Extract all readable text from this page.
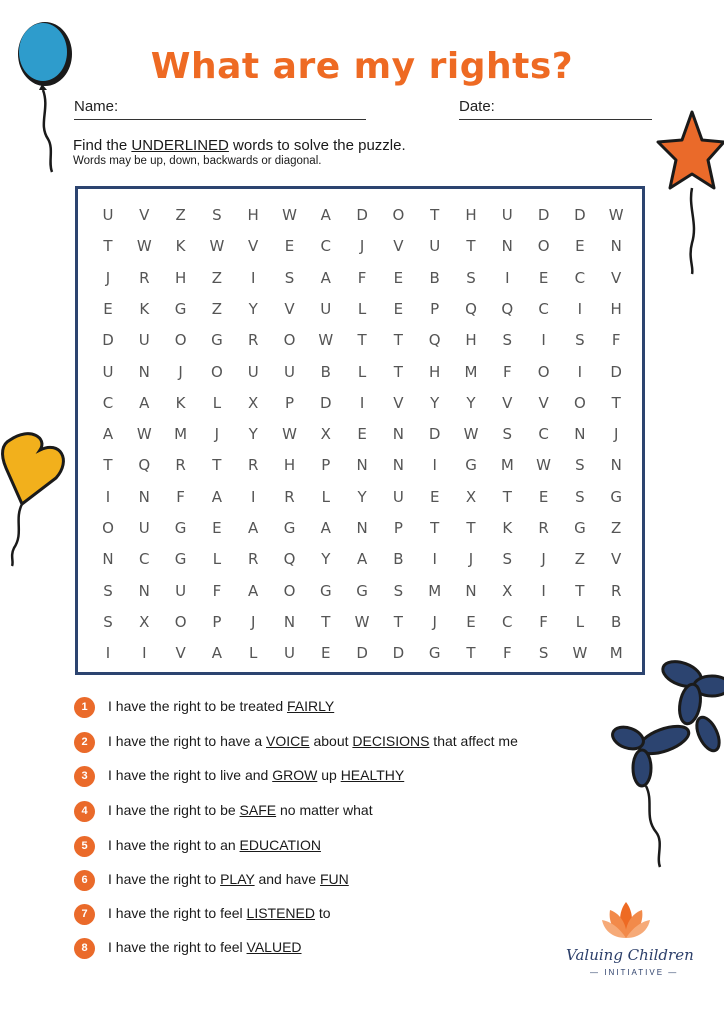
What are my rights?
Name:	Date:
Find the UNDERLINED words to solve the puzzle.
Words may be up, down, backwards or diagonal.
U	V	Z	S	H	W	A	D	O	T	H	U	D	D	W
T	W	K	W	V	E	C	J	V	U	T	N	O	E	N
J	R	H	Z	I	S	A	F	E	B	S	I	E	C	V
E	K	G	Z	Y	V	U	L	E	P	Q	Q	C	I	H
D	U	O	G	R	O	W	T	T	Q	H	S	I	S	F
U	N	J	O	U	U	B	L	T	H	M	F	O	I	D
C	A	K	L	X	P	D	I	V	Y	Y	V	V	O	T
A	W	M	J	Y	W	X	E	N	D	W	S	C	N	J
T	Q	R	T	R	H	P	N	N	I	G	M	W	S	N
I	N	F	A	I	R	L	Y	U	E	X	T	E	S	G
O	U	G	E	A	G	A	N	P	T	T	K	R	G	Z
N	C	G	L	R	Q	Y	A	B	I	J	S	J	Z	V
S	N	U	F	A	O	G	G	S	M	N	X	I	T	R
S	X	O	P	J	N	T	W	T	J	E	C	F	L	B
I	I	V	A	L	U	E	D	D	G	T	F	S	W	M
1	I have the right to be treated FAIRLY
2	I have the right to have a VOICE about DECISIONS that affect me
3	I have the right to live and GROW up HEALTHY
4	I have the right to be SAFE no matter what
5	I have the right to an EDUCATION
6	I have the right to PLAY and have FUN
7	I have the right to feel LISTENED to
8	I have the right to feel VALUED	Valuing Children
— INITIATIVE —
